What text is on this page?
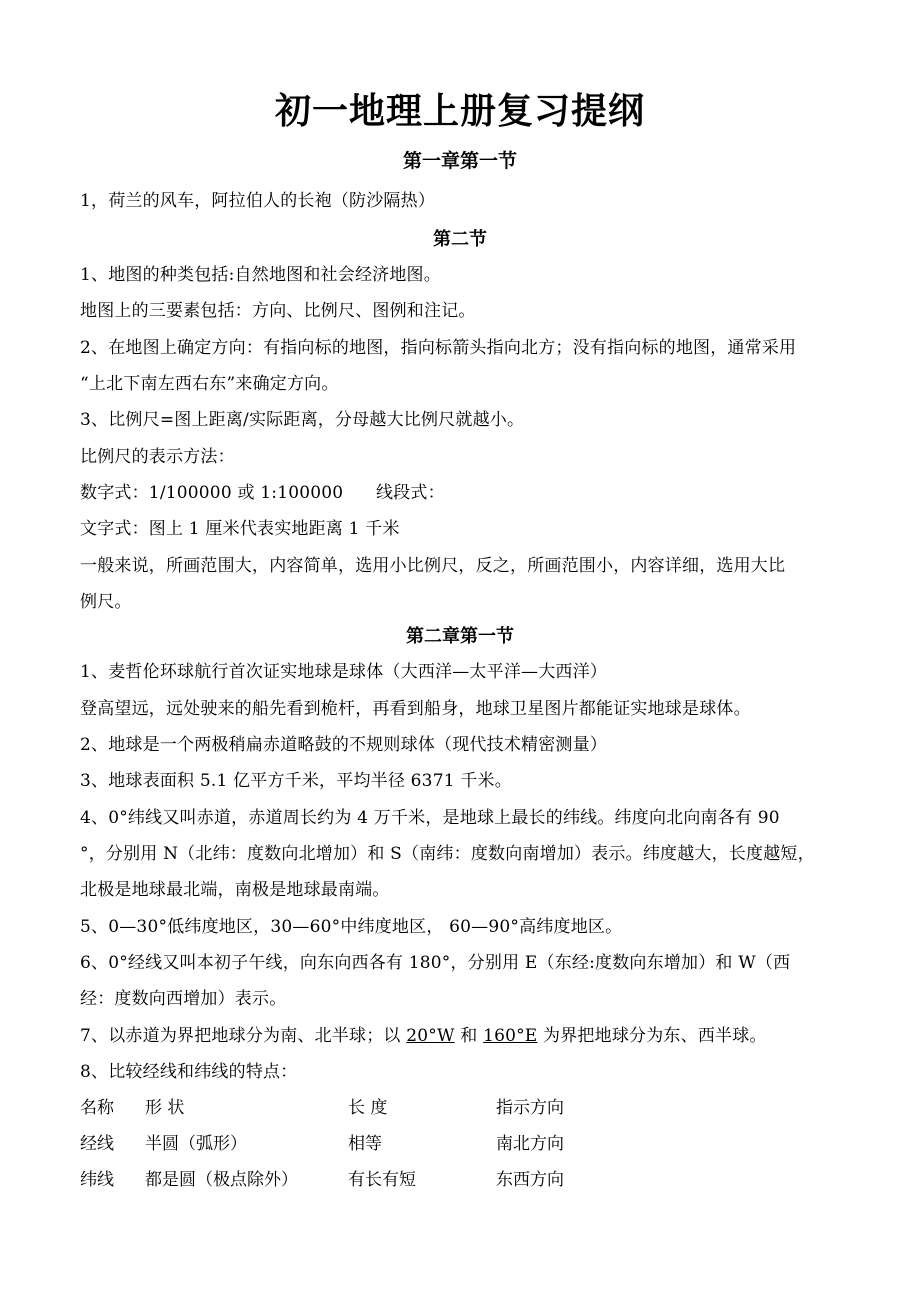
初一地理上册复习提纲
第一章第一节
1，荷兰的风车，阿拉伯人的长袍（防沙隔热）
第二节
1、地图的种类包括:自然地图和社会经济地图。
地图上的三要素包括：方向、比例尺、图例和注记。
2、在地图上确定方向：有指向标的地图，指向标箭头指向北方；没有指向标的地图，通常采用
“上北下南左西右东”来确定方向。
3、比例尺=图上距离/实际距离，分母越大比例尺就越小。
比例尺的表示方法：
数字式：1/100000 或 1:100000 线段式：
文字式：图上 1 厘米代表实地距离 1 千米
一般来说，所画范围大，内容简单，选用小比例尺，反之，所画范围小，内容详细，选用大比
例尺。
第二章第一节
1、麦哲伦环球航行首次证实地球是球体（大西洋—太平洋—大西洋）
登高望远，远处驶来的船先看到桅杆，再看到船身，地球卫星图片都能证实地球是球体。
2、地球是一个两极稍扁赤道略鼓的不规则球体（现代技术精密测量）
3、地球表面积 5.1 亿平方千米，平均半径 6371 千米。
4、0°纬线又叫赤道，赤道周长约为 4 万千米，是地球上最长的纬线。纬度向北向南各有 90
°，分别用 N（北纬：度数向北增加）和 S（南纬：度数向南增加）表示。纬度越大，长度越短，
北极是地球最北端，南极是地球最南端。
5、0—30°低纬度地区，30—60°中纬度地区， 60—90°高纬度地区。
6、0°经线又叫本初子午线，向东向西各有 180°，分别用 E（东经:度数向东增加）和 W（西
经：度数向西增加）表示。
7、以赤道为界把地球分为南、北半球；以 20°W 和 160°E 为界把地球分为东、西半球。
8、比较经线和纬线的特点：
名称 形 状	长 度	指示方向
经线 半圆（弧形）	相等	南北方向
纬线 都是圆（极点除外）	有长有短	东西方向
